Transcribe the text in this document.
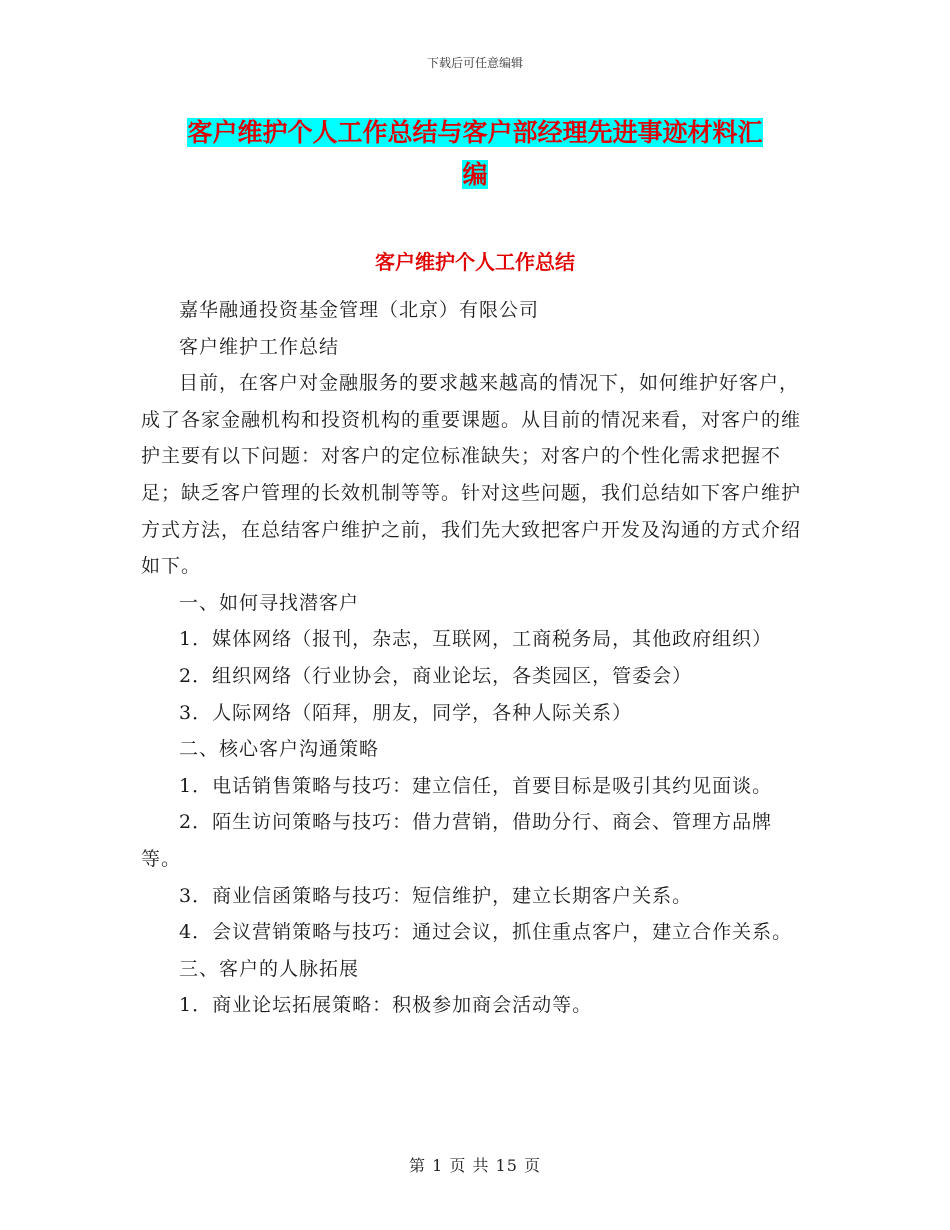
下载后可任意编辑
客户维护个人工作总结与客户部经理先进事迹材料汇
编
客户维护个人工作总结

嘉华融通投资基金管理（北京）有限公司

客户维护工作总结

目前，在客户对金融服务的要求越来越高的情况下，如何维护好客户，成了各家金融机构和投资机构的重要课题。从目前的情况来看，对客户的维护主要有以下问题：对客户的定位标准缺失；对客户的个性化需求把握不足；缺乏客户管理的长效机制等等。针对这些问题，我们总结如下客户维护方式方法，在总结客户维护之前，我们先大致把客户开发及沟通的方式介绍如下。

一、如何寻找潜客户

1．媒体网络（报刊，杂志，互联网，工商税务局，其他政府组织）

2．组织网络（行业协会，商业论坛，各类园区，管委会）

3．人际网络（陌拜，朋友，同学，各种人际关系）

二、核心客户沟通策略

1．电话销售策略与技巧：建立信任，首要目标是吸引其约见面谈。

2．陌生访问策略与技巧：借力营销，借助分行、商会、管理方品牌等。

3．商业信函策略与技巧：短信维护，建立长期客户关系。

4．会议营销策略与技巧：通过会议，抓住重点客户，建立合作关系。

三、客户的人脉拓展

1．商业论坛拓展策略：积极参加商会活动等。

第 1 页 共 15 页
